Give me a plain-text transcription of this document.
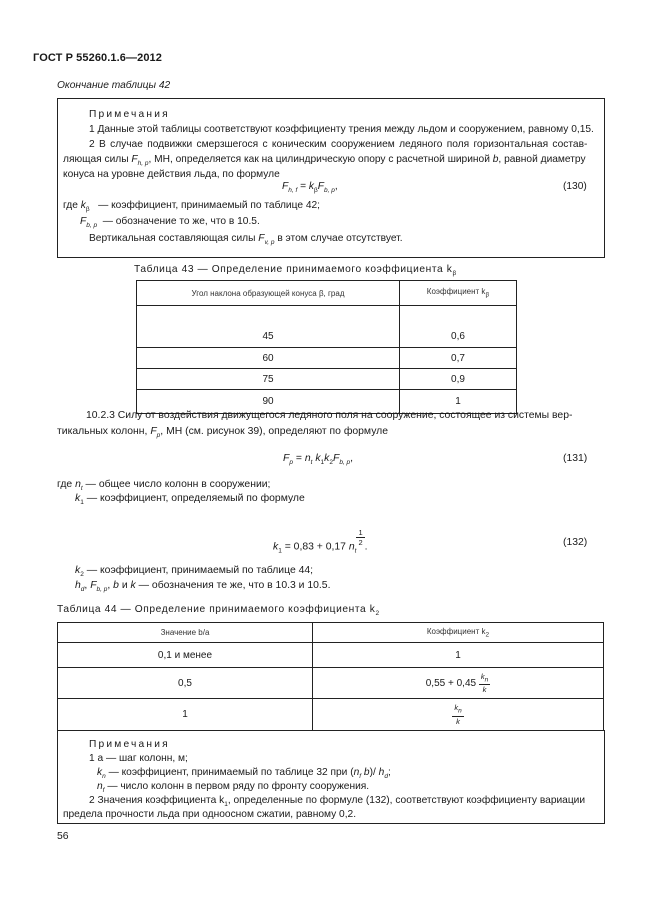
ГОСТ Р 55260.1.6—2012
Окончание таблицы 42
Примечания
1 Данные этой таблицы соответствуют коэффициенту трения между льдом и сооружением, равному 0,15.
2 В случае подвижки смерзшегося с коническим сооружением ледяного поля горизонтальная состав-
ляющая силы $F_{h, p}$, МН, определяется как на цилиндрическую опору с расчетной шириной b, равной диаметру
конуса на уровне действия льда, по формуле
$F_{h, f} = k_\beta F_{b, p}$,	(130)
где $k_\beta$ — коэффициент, принимаемый по таблице 42;
$F_{b, p}$ — обозначение то же, что в 10.5.
Вертикальная составляющая силы $F_{v, p}$ в этом случае отсутствует.
Таблица 43 — Определение принимаемого коэффициента $k_\beta$
Угол наклона образующей конуса β, град	Коэффициент $k_\beta$

45	0,6
60	0,7
75	0,9
90	1
10.2.3 Силу от воздействия движущегося ледяного поля на сооружение, состоящее из системы вер-
тикальных колонн, $F_p$, МН (см. рисунок 39), определяют по формуле
$F_p = n_t$ $k_1k_2F_{b, p}$,	(131)
где $n_t$ — общее число колонн в сооружении;
$k_1$ — коэффициент, определяемый по формуле
$k_1 = 0,83 + 0,17$ $n_t$
$\frac{1}{2}$ .	(132)
$k_2$ — коэффициент, принимаемый по таблице 44;
$h_d$, $F_{b, p}$, b и k — обозначения те же, что в 10.3 и 10.5.
Таблица 44 — Определение принимаемого коэффициента $k_2$
Значение b/a	Коэффициент $k_2$
0,1 и менее	1
0,5	$0,55 + 0,45 \frac{k_n}{k}$

1	$\frac{k_n}{k}$
Примечания
1 a — шаг колонн, м;
$k_n$ — коэффициент, принимаемый по таблице 32 при ($n_f$ b)/ $h_d$;
$n_f$ — число колонн в первом ряду по фронту сооружения.
2 Значения коэффициента $k_1$, определенные по формуле (132), соответствуют коэффициенту вариации
предела прочности льда при одноосном сжатии, равному 0,2.
56
